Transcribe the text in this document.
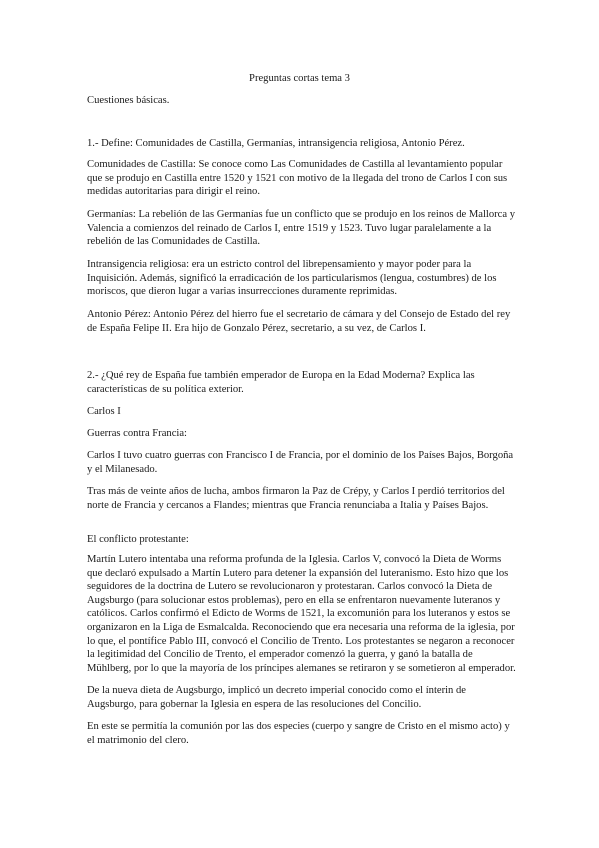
Preguntas cortas tema 3

Cuestiones básicas.

1.- Define: Comunidades de Castilla, Germanías, intransigencia religiosa, Antonio Pérez.

Comunidades de Castilla: Se conoce como Las Comunidades de Castilla al levantamiento popular que se produjo en Castilla entre 1520 y 1521 con motivo de la llegada del trono de Carlos I con sus medidas autoritarias para dirigir el reino.

Germanías: La rebelión de las Germanías fue un conflicto que se produjo en los reinos de Mallorca y Valencia a comienzos del reinado de Carlos I, entre 1519 y 1523. Tuvo lugar paralelamente a la rebelión de las Comunidades de Castilla.

Intransigencia religiosa: era un estricto control del librepensamiento y mayor poder para la Inquisición. Además, significó la erradicación de los particularismos (lengua, costumbres) de los moriscos, que dieron lugar a varias insurrecciones duramente reprimidas.

Antonio Pérez: Antonio Pérez del hierro fue el secretario de cámara y del Consejo de Estado del rey de España Felipe II. Era hijo de Gonzalo Pérez, secretario, a su vez, de Carlos I.

2.- ¿Qué rey de España fue también emperador de Europa en la Edad Moderna? Explica las características de su política exterior.

Carlos I

Guerras contra Francia:

Carlos I tuvo cuatro guerras con Francisco I de Francia, por el dominio de los Países Bajos, Borgoña y el Milanesado.

Tras más de veinte años de lucha, ambos firmaron la Paz de Crépy, y Carlos I perdió territorios del norte de Francia y cercanos a Flandes; mientras que Francia renunciaba a Italia y Países Bajos.

El conflicto protestante:

Martín Lutero intentaba una reforma profunda de la Iglesia. Carlos V, convocó la Dieta de Worms que declaró expulsado a Martín Lutero para detener la expansión del luteranismo. Esto hizo que los seguidores de la doctrina de Lutero se revolucionaron y protestaran. Carlos convocó la Dieta de Augsburgo (para solucionar estos problemas), pero en ella se enfrentaron nuevamente luteranos y católicos. Carlos confirmó el Edicto de Worms de 1521, la excomunión para los luteranos y estos se organizaron en la Liga de Esmalcalda. Reconociendo que era necesaria una reforma de la iglesia, por lo que, el pontífice Pablo III, convocó el Concilio de Trento. Los protestantes se negaron a reconocer la legitimidad del Concilio de Trento, el emperador comenzó la guerra, y ganó la batalla de Mühlberg, por lo que la mayoría de los príncipes alemanes se retiraron y se sometieron al emperador.

De la nueva dieta de Augsburgo, implicó un decreto imperial conocido como el ínterin de Augsburgo, para gobernar la Iglesia en espera de las resoluciones del Concilio.

En este se permitía la comunión por las dos especies (cuerpo y sangre de Cristo en el mismo acto) y el matrimonio del clero.
